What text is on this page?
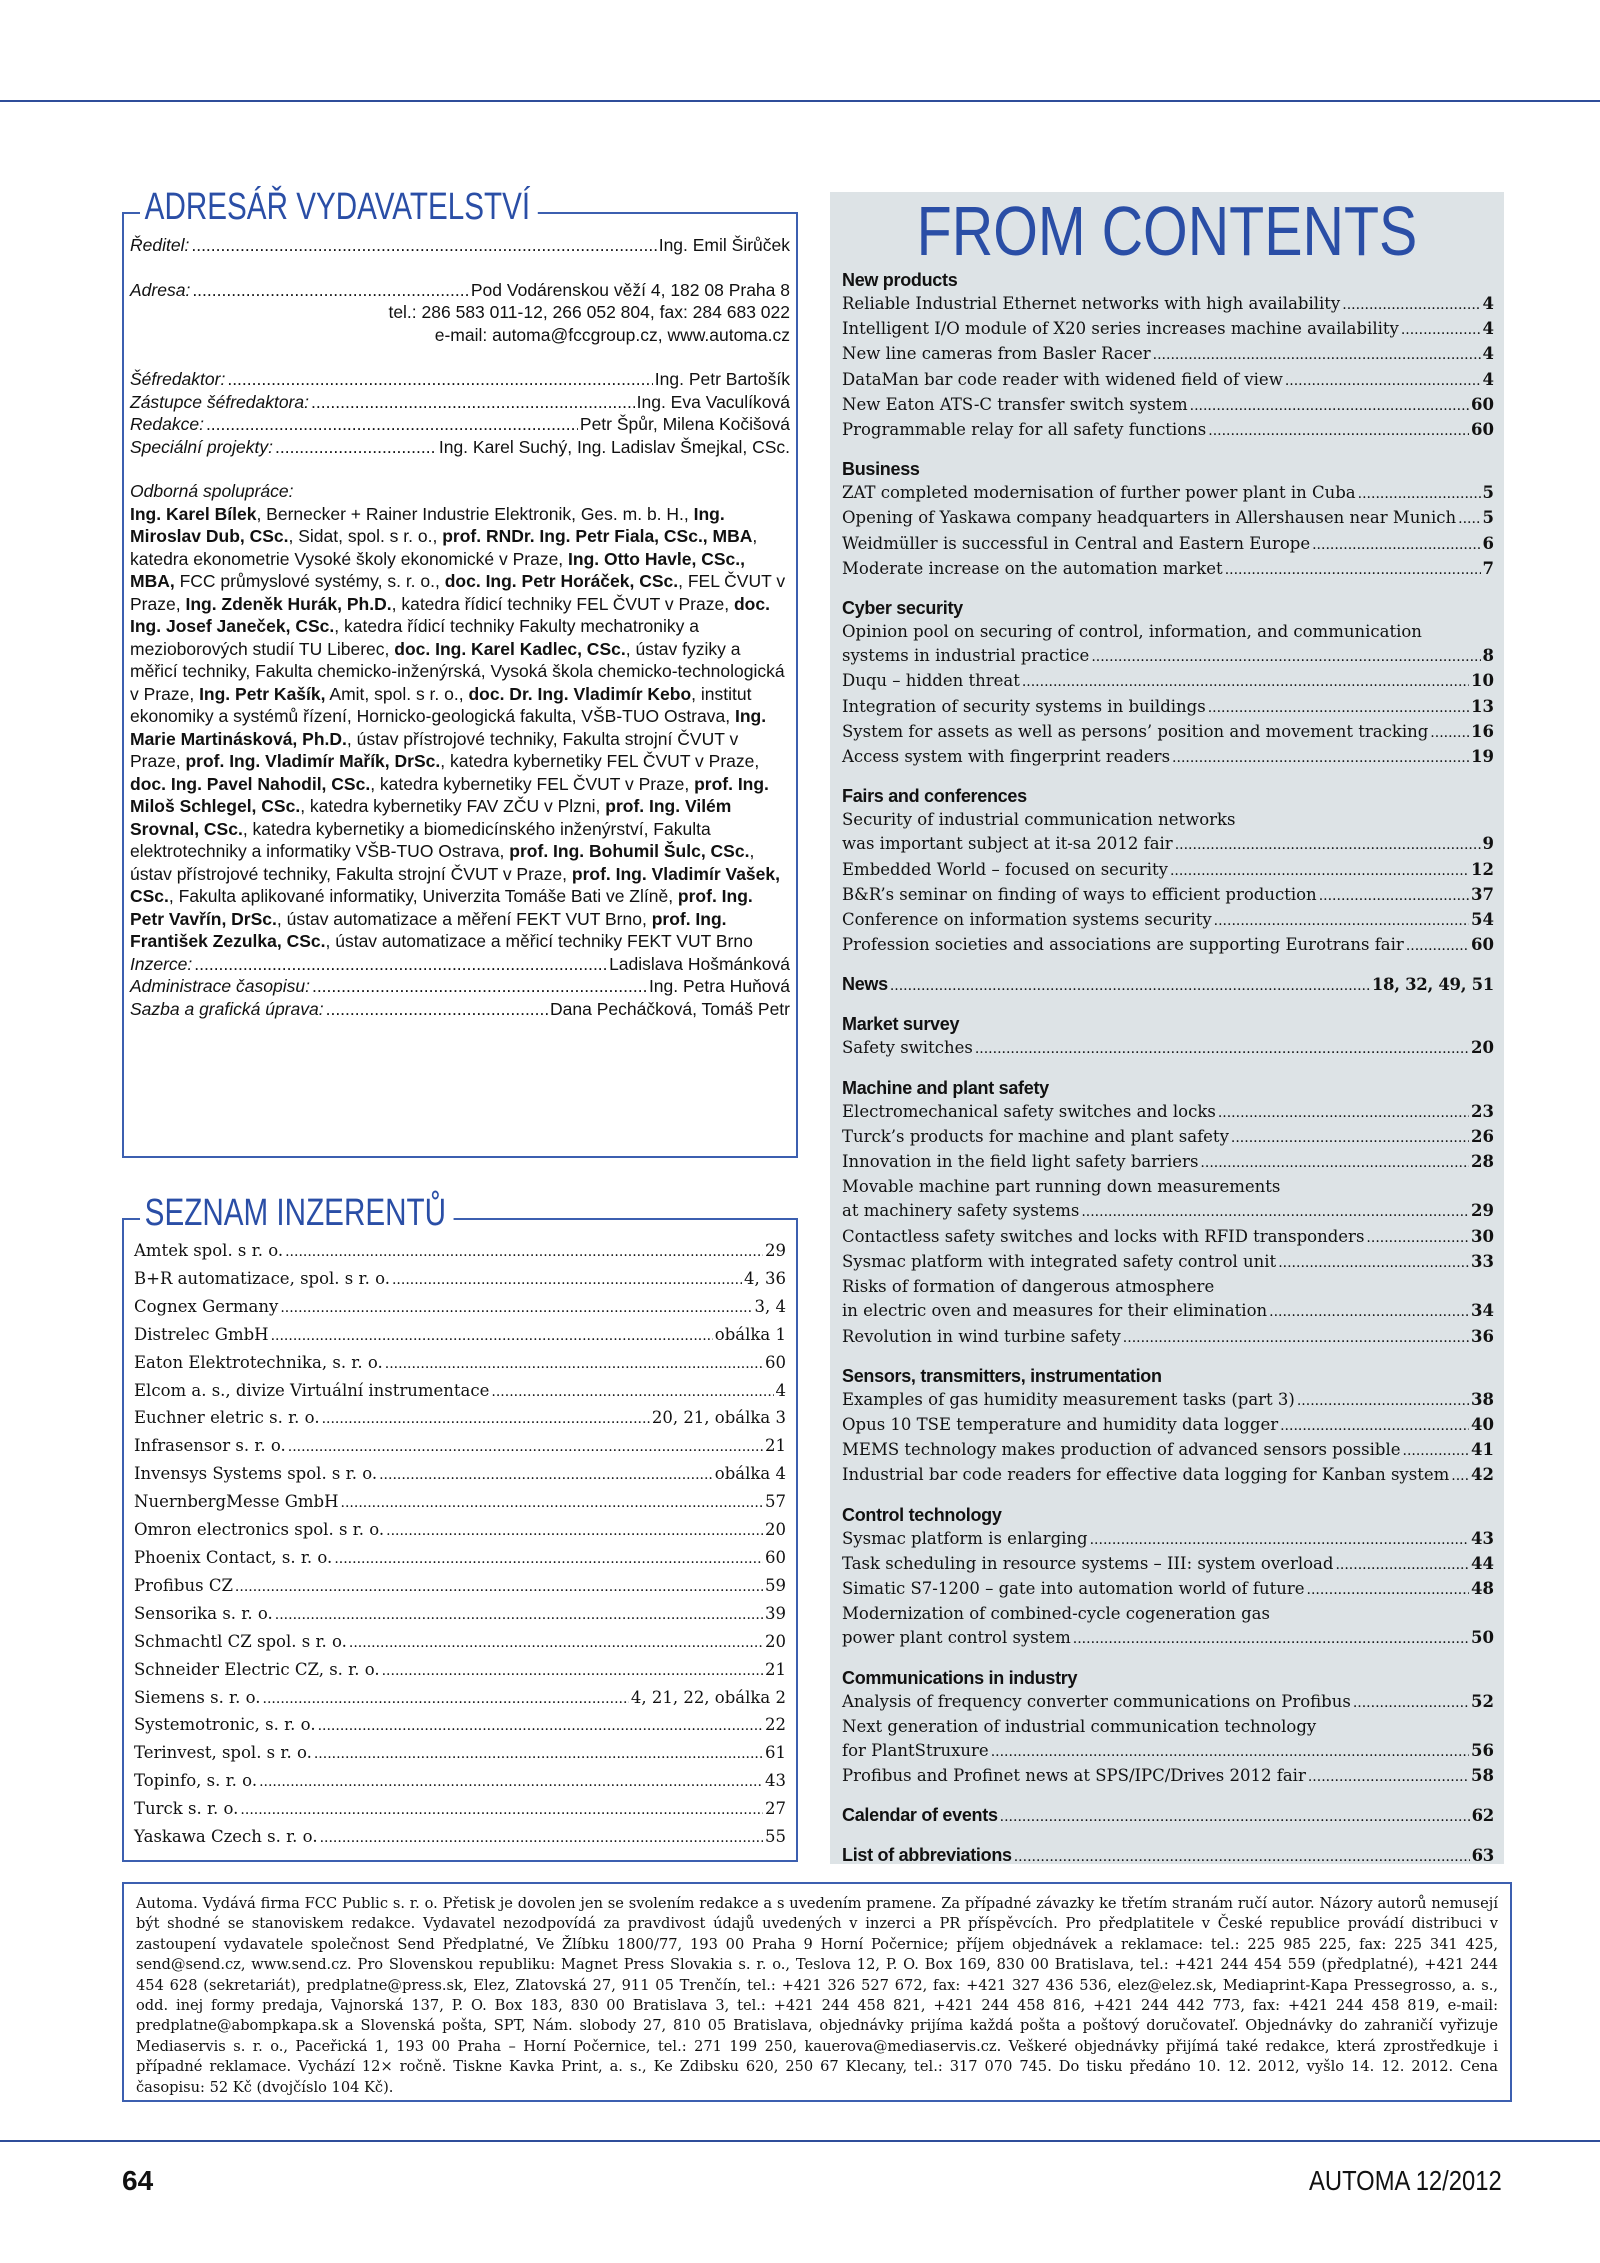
ADRESÁŘ VYDAVATELSTVÍ
Ředitel: .....	Ing. Emil Širůček
Adresa: .....	Pod Vodárenskou věží 4, 182 08 Praha 8
tel.: 286 583 011-12, 266 052 804, fax: 284 683 022
e-mail: automa@fccgroup.cz, www.automa.cz
Šéfredaktor: .....	Ing. Petr Bartošík
Zástupce šéfredaktora: .....	Ing. Eva Vaculíková
Redakce: .....	Petr Špůr, Milena Kočišová
Speciální projekty: .....	Ing. Karel Suchý, Ing. Ladislav Šmejkal, CSc.
Odborná spolupráce:
Ing. Karel Bílek, Bernecker + Rainer Industrie Elektronik, Ges. m. b. H., Ing. Miroslav Dub, CSc., Sidat, spol. s r. o., prof. RNDr. Ing. Petr Fiala, CSc., MBA, katedra ekonometrie Vysoké školy ekonomické v Praze, Ing. Otto Havle, CSc., MBA, FCC průmyslové systémy, s. r. o., doc. Ing. Petr Horáček, CSc., FEL ČVUT v Praze, Ing. Zdeněk Hurák, Ph.D., katedra řídicí techniky FEL ČVUT v Praze, doc. Ing. Josef Janeček, CSc., katedra řídicí techniky Fakulty mechatroniky a mezioborových studií TU Liberec, doc. Ing. Karel Kadlec, CSc., ústav fyziky a měřicí techniky, Fakulta chemicko-inženýrská, Vysoká škola chemicko-technologická v Praze, Ing. Petr Kašík, Amit, spol. s r. o., doc. Dr. Ing. Vladimír Kebo, institut ekonomiky a systémů řízení, Hornicko-geologická fakulta, VŠB-TUO Ostrava, Ing. Marie Martinásková, Ph.D., ústav přístrojové techniky, Fakulta strojní ČVUT v Praze, prof. Ing. Vladimír Mařík, DrSc., katedra kybernetiky FEL ČVUT v Praze, doc. Ing. Pavel Nahodil, CSc., katedra kybernetiky FEL ČVUT v Praze, prof. Ing. Miloš Schlegel, CSc., katedra kybernetiky FAV ZČU v Plzni, prof. Ing. Vilém Srovnal, CSc., katedra kybernetiky a biomedicínského inženýrství, Fakulta elektrotechniky a informatiky VŠB-TUO Ostrava, prof. Ing. Bohumil Šulc, CSc., ústav přístrojové techniky, Fakulta strojní ČVUT v Praze, prof. Ing. Vladimír Vašek, CSc., Fakulta aplikované informatiky, Univerzita Tomáše Bati ve Zlíně, prof. Ing. Petr Vavřín, DrSc., ústav automatizace a měření FEKT VUT Brno, prof. Ing. František Zezulka, CSc., ústav automatizace a měřicí techniky FEKT VUT Brno
Inzerce: .....	Ladislava Hošmánková
Administrace časopisu: .....	Ing. Petra Huňová
Sazba a grafická úprava: .....	Dana Pecháčková, Tomáš Petr
SEZNAM INZERENTŮ
Amtek spol. s r. o. .....	29
B+R automatizace, spol. s r. o. .....	4, 36
Cognex Germany .....	3, 4
Distrelec GmbH .....	obálka 1
Eaton Elektrotechnika, s. r. o. .....	60
Elcom a. s., divize Virtuální instrumentace .....	4
Euchner eletric s. r. o. .....	20, 21, obálka 3
Infrasensor s. r. o. .....	21
Invensys Systems spol. s r. o. .....	obálka 4
NuernbergMesse GmbH .....	57
Omron electronics spol. s r. o. .....	20
Phoenix Contact, s. r. o. .....	60
Profibus CZ .....	59
Sensorika s. r. o. .....	39
Schmachtl CZ spol. s r. o. .....	20
Schneider Electric CZ, s. r. o. .....	21
Siemens s. r. o. .....	4, 21, 22, obálka 2
Systemotronic, s. r. o. .....	22
Terinvest, spol. s r. o. .....	61
Topinfo, s. r. o. .....	43
Turck s. r. o. .....	27
Yaskawa Czech s. r. o. .....	55
FROM CONTENTS
New products
Reliable Industrial Ethernet networks with high availability .....	4
Intelligent I/O module of X20 series increases machine availability .....	4
New line cameras from Basler Racer .....	4
DataMan bar code reader with widened field of view .....	4
New Eaton ATS-C transfer switch system .....	60
Programmable relay for all safety functions .....	60
Business
ZAT completed modernisation of further power plant in Cuba .....	5
Opening of Yaskawa company headquarters in Allershausen near Munich ..... 5
Weidmüller is successful in Central and Eastern Europe .....	6
Moderate increase on the automation market .....	7
Cyber security
Opinion pool on securing of control, information, and communication
systems in industrial practice .....	8
Duqu – hidden threat .....	10
Integration of security systems in buildings .....	13
System for assets as well as persons’ position and movement tracking .....	16
Access system with fingerprint readers .....	19
Fairs and conferences
Security of industrial communication networks
was important subject at it-sa 2012 fair .....	9
Embedded World – focused on security .....	12
B&R’s seminar on finding of ways to efficient production .....	37
Conference on information systems security .....	54
Profession societies and associations are supporting Eurotrans fair .....	60
News .....	18, 32, 49, 51
Market survey
Safety switches .....	20
Machine and plant safety
Electromechanical safety switches and locks .....	23
Turck’s products for machine and plant safety .....	26
Innovation in the field light safety barriers .....	28
Movable machine part running down measurements
at machinery safety systems .....	29
Contactless safety switches and locks with RFID transponders .....	30
Sysmac platform with integrated safety control unit .....	33
Risks of formation of dangerous atmosphere
in electric oven and measures for their elimination .....	34
Revolution in wind turbine safety .....	36
Sensors, transmitters, instrumentation
Examples of gas humidity measurement tasks (part 3) .....	38
Opus 10 TSE temperature and humidity data logger .....	40
MEMS technology makes production of advanced sensors possible .....	41
Industrial bar code readers for effective data logging for Kanban system ..... 42
Control technology
Sysmac platform is enlarging .....	43
Task scheduling in resource systems – III: system overload .....	44
Simatic S7-1200 – gate into automation world of future .....	48
Modernization of combined-cycle cogeneration gas
power plant control system .....	50
Communications in industry
Analysis of frequency converter communications on Profibus .....	52
Next generation of industrial communication technology
for PlantStruxure .....	56
Profibus and Profinet news at SPS/IPC/Drives 2012 fair .....	58
Calendar of events .....	62
List of abbreviations .....	63
Automa. Vydává firma FCC Public s. r. o. Přetisk je dovolen jen se svolením redakce a s uvedením pramene. Za případné závazky ke třetím stranám ručí autor. Názory autorů nemusejí být shodné se stanoviskem redakce. Vydavatel nezodpovídá za pravdivost údajů uvedených v inzerci a PR příspěvcích. Pro předplatitele v České republice provádí distribuci v zastoupení vydavatele společnost Send Předplatné, Ve Žlíbku 1800/77, 193 00 Praha 9 Horní Počernice; příjem objednávek a reklamace: tel.: 225 985 225, fax: 225 341 425, send@send.cz, www.send.cz. Pro Slovenskou republiku: Magnet Press Slovakia s. r. o., Teslova 12, P. O. Box 169, 830 00 Bratislava, tel.: +421 244 454 559 (předplatné), +421 244 454 628 (sekretariát), predplatne@press.sk, Elez, Zlatovská 27, 911 05 Trenčín, tel.: +421 326 527 672, fax: +421 327 436 536, elez@elez.sk, Mediaprint-Kapa Pressegrosso, a. s., odd. inej formy predaja, Vajnorská 137, P. O. Box 183, 830 00 Bratislava 3, tel.: +421 244 458 821, +421 244 458 816, +421 244 442 773, fax: +421 244 458 819, e-mail: predplatne@abompkapa.sk a Slovenská pošta, SPT, Nám. slobody 27, 810 05 Bratislava, objednávky prijíma každá pošta a poštový doručovateľ. Objednávky do zahraničí vyřizuje Mediaservis s. r. o., Paceřická 1, 193 00 Praha – Horní Počernice, tel.: 271 199 250, kauerova@mediaservis.cz. Veškeré objednávky přijímá také redakce, která zprostředkuje i případné reklamace. Vychází 12× ročně. Tiskne Kavka Print, a. s., Ke Zdibsku 620, 250 67 Klecany, tel.: 317 070 745. Do tisku předáno 10. 12. 2012, vyšlo 14. 12. 2012. Cena časopisu: 52 Kč (dvojčíslo 104 Kč).
64	AUTOMA 12/2012
